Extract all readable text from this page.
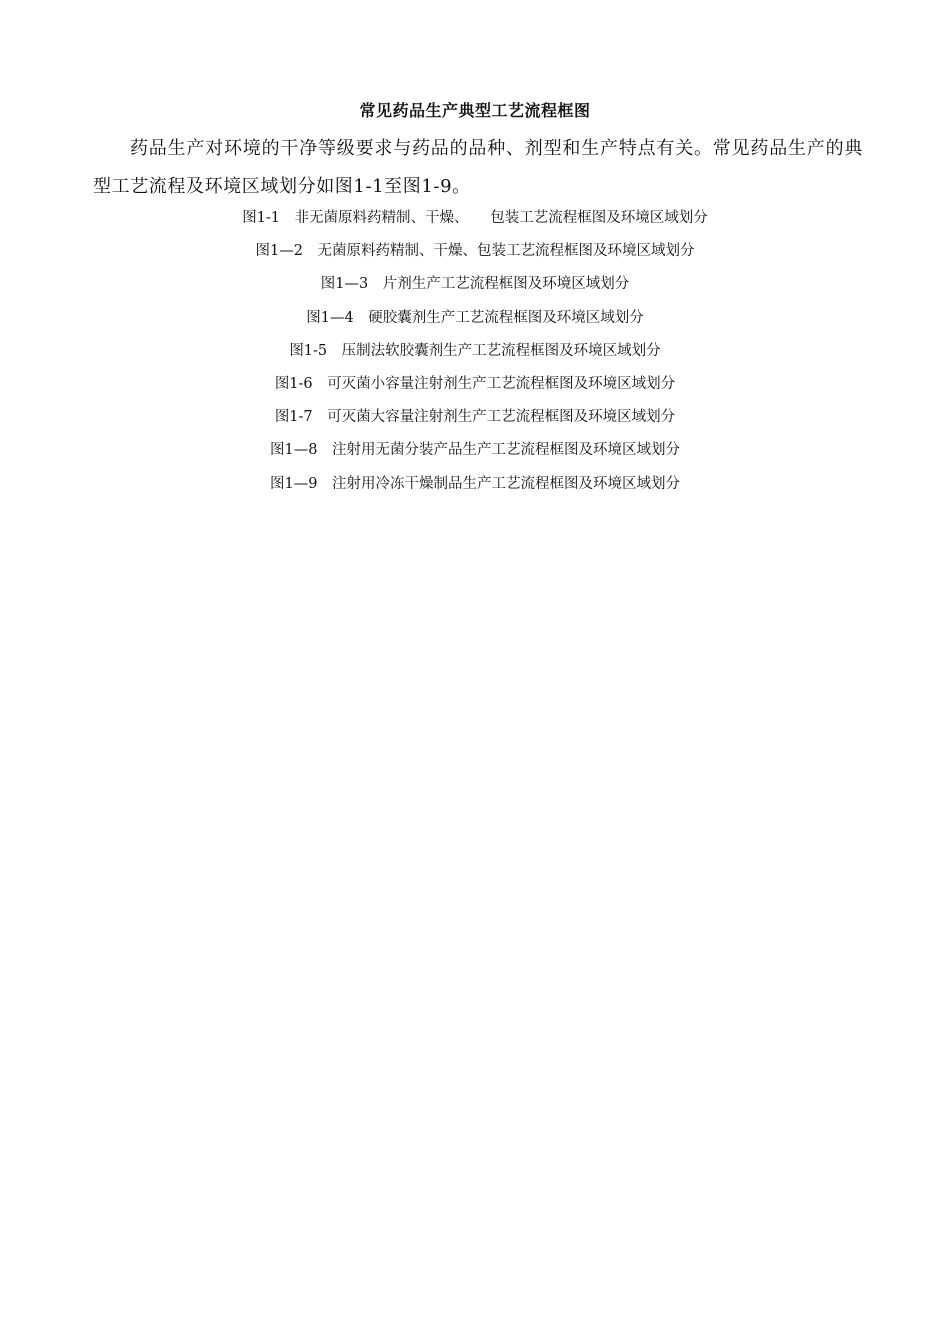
常见药品生产典型工艺流程框图

药品生产对环境的干净等级要求与药品的品种、剂型和生产特点有关。常见药品生产的典型工艺流程及环境区域划分如图1-1至图1-9。

图1-1　非无菌原料药精制、干燥、　　包装工艺流程框图及环境区域划分
图1—2　无菌原料药精制、干燥、包装工艺流程框图及环境区域划分
图1—3　片剂生产工艺流程框图及环境区域划分
图1—4　硬胶囊剂生产工艺流程框图及环境区域划分
图1-5　压制法软胶囊剂生产工艺流程框图及环境区域划分
图1-6　可灭菌小容量注射剂生产工艺流程框图及环境区域划分
图1-7　可灭菌大容量注射剂生产工艺流程框图及环境区域划分
图1—8　注射用无菌分装产品生产工艺流程框图及环境区域划分
图1—9　注射用冷冻干燥制品生产工艺流程框图及环境区域划分
